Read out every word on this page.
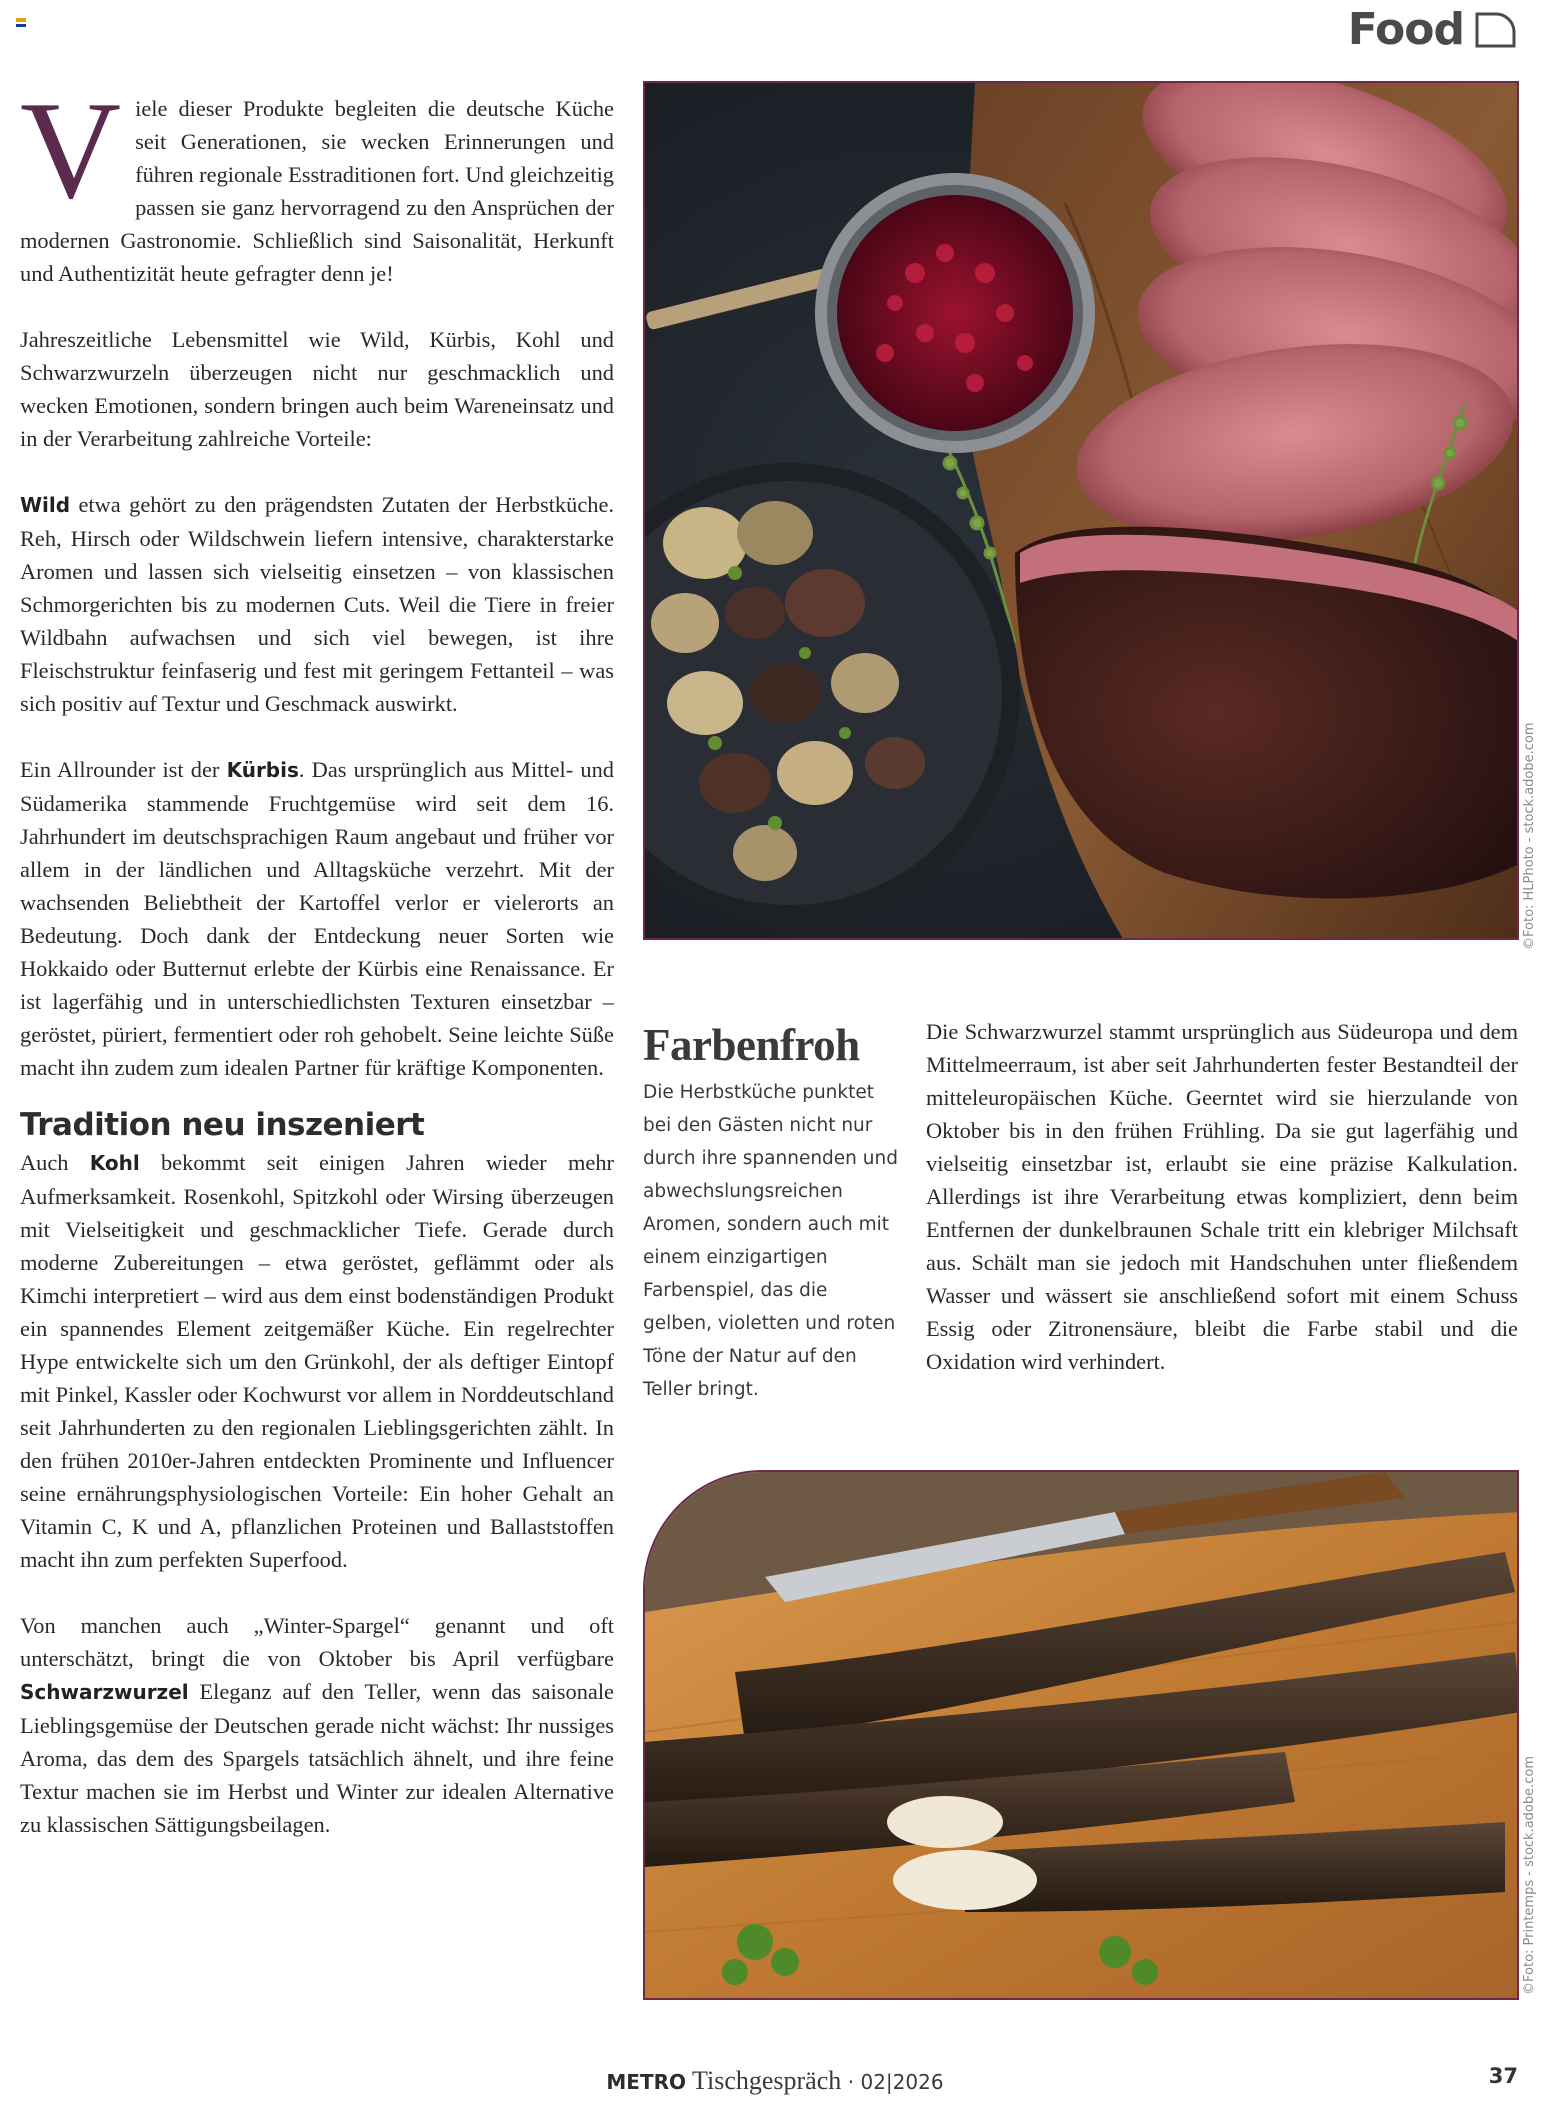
Food

Viele dieser Produkte begleiten die deutsche Küche seit Generationen, sie wecken Erinnerungen und führen regionale Esstraditionen fort. Und gleichzeitig passen sie ganz hervorragend zu den Ansprüchen der modernen Gastronomie. Schließlich sind Saisonalität, Herkunft und Authentizität heute gefragter denn je!

Jahreszeitliche Lebensmittel wie Wild, Kürbis, Kohl und Schwarzwurzeln überzeugen nicht nur geschmacklich und wecken Emotionen, sondern bringen auch beim Wareneinsatz und in der Verarbeitung zahlreiche Vorteile:

Wild etwa gehört zu den prägendsten Zutaten der Herbstküche. Reh, Hirsch oder Wildschwein liefern intensive, charakterstarke Aromen und lassen sich vielseitig einsetzen – von klassischen Schmorgerichten bis zu modernen Cuts. Weil die Tiere in freier Wildbahn aufwachsen und sich viel bewegen, ist ihre Fleischstruktur feinfaserig und fest mit geringem Fettanteil – was sich positiv auf Textur und Geschmack auswirkt.

Ein Allrounder ist der Kürbis. Das ursprünglich aus Mittel- und Südamerika stammende Fruchtgemüse wird seit dem 16. Jahrhundert im deutschsprachigen Raum angebaut und früher vor allem in der ländlichen und Alltagsküche verzehrt. Mit der wachsenden Beliebtheit der Kartoffel verlor er vielerorts an Bedeutung. Doch dank der Entdeckung neuer Sorten wie Hokkaido oder Butternut erlebte der Kürbis eine Renaissance. Er ist lagerfähig und in unterschiedlichsten Texturen einsetzbar – geröstet, püriert, fermentiert oder roh gehobelt. Seine leichte Süße macht ihn zudem zum idealen Partner für kräftige Komponenten.

Tradition neu inszeniert

Auch Kohl bekommt seit einigen Jahren wieder mehr Aufmerksamkeit. Rosenkohl, Spitzkohl oder Wirsing überzeugen mit Vielseitigkeit und geschmacklicher Tiefe. Gerade durch moderne Zubereitungen – etwa geröstet, geflämmt oder als Kimchi interpretiert – wird aus dem einst bodenständigen Produkt ein spannendes Element zeitgemäßer Küche. Ein regelrechter Hype entwickelte sich um den Grünkohl, der als deftiger Eintopf mit Pinkel, Kassler oder Kochwurst vor allem in Norddeutschland seit Jahrhunderten zu den regionalen Lieblingsgerichten zählt. In den frühen 2010er-Jahren entdeckten Prominente und Influencer seine ernährungsphysiologischen Vorteile: Ein hoher Gehalt an Vitamin C, K und A, pflanzlichen Proteinen und Ballaststoffen macht ihn zum perfekten Superfood.

Von manchen auch „Winter-Spargel“ genannt und oft unterschätzt, bringt die von Oktober bis April verfügbare Schwarzwurzel Eleganz auf den Teller, wenn das saisonale Lieblingsgemüse der Deutschen gerade nicht wächst: Ihr nussiges Aroma, das dem des Spargels tatsächlich ähnelt, und ihre feine Textur machen sie im Herbst und Winter zur idealen Alternative zu klassischen Sättigungsbeilagen.

©Foto: HLPhoto - stock.adobe.com
Farbenfroh

Die Herbstküche punktet bei den Gästen nicht nur durch ihre spannenden und abwechslungsreichen Aromen, sondern auch mit einem einzigartigen Farbenspiel, das die gelben, violetten und roten Töne der Natur auf den Teller bringt.

Die Schwarzwurzel stammt ursprünglich aus Südeuropa und dem Mittelmeerraum, ist aber seit Jahrhunderten fester Bestandteil der mitteleuropäischen Küche. Geerntet wird sie hierzulande von Oktober bis in den frühen Frühling. Da sie gut lagerfähig und vielseitig einsetzbar ist, erlaubt sie eine präzise Kalkulation. Allerdings ist ihre Verarbeitung etwas kompliziert, denn beim Entfernen der dunkelbraunen Schale tritt ein klebriger Milchsaft aus. Schält man sie jedoch mit Handschuhen unter fließendem Wasser und wässert sie anschließend sofort mit einem Schuss Essig oder Zitronensäure, bleibt die Farbe stabil und die Oxidation wird verhindert.

©Foto: Printemps - stock.adobe.com
METRO Tischgespräch · 02|2026	37
